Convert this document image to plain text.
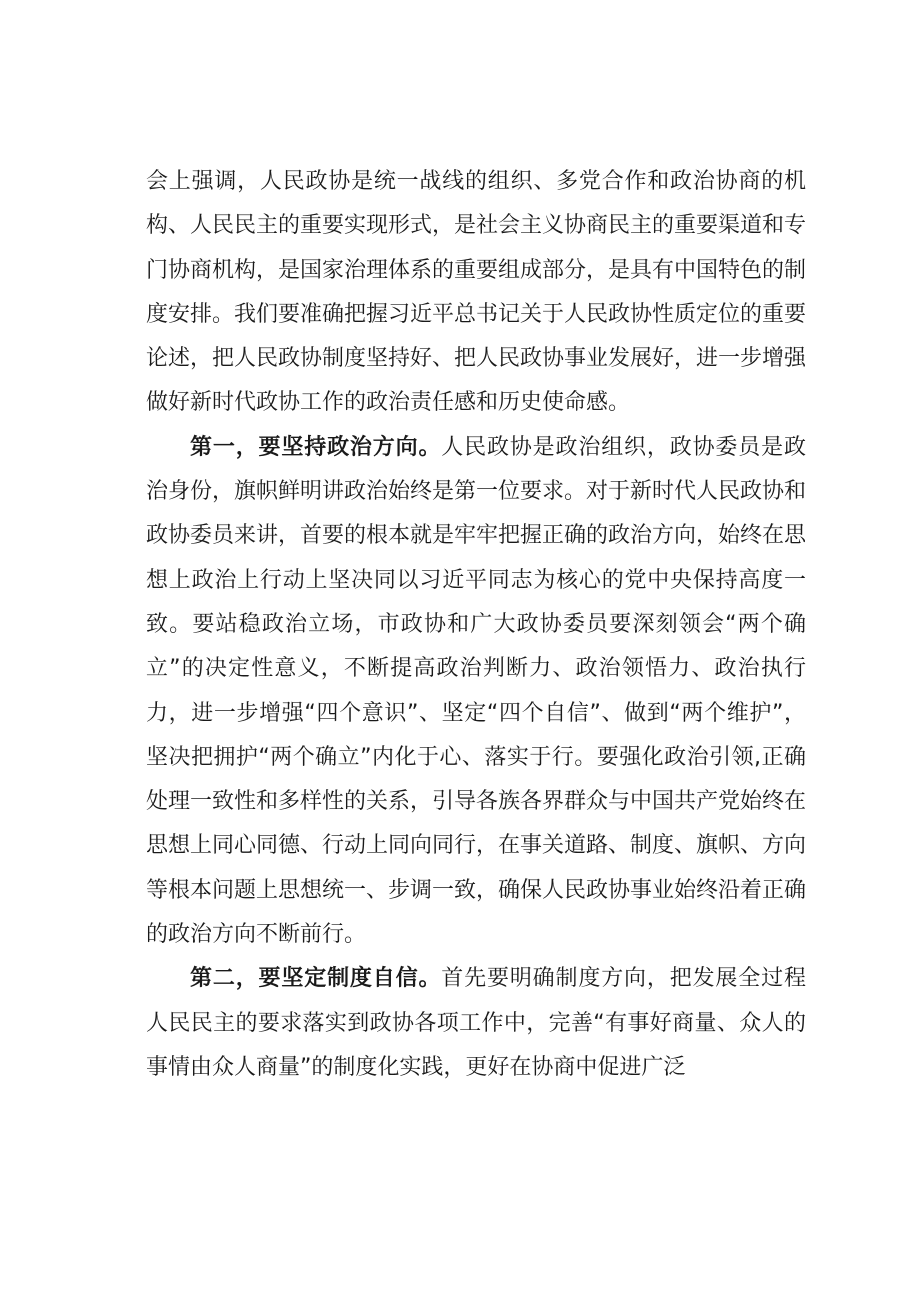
会上强调，人民政协是统一战线的组织、多党合作和政治协商的机构、人民民主的重要实现形式，是社会主义协商民主的重要渠道和专门协商机构，是国家治理体系的重要组成部分，是具有中国特色的制度安排。我们要准确把握习近平总书记关于人民政协性质定位的重要论述，把人民政协制度坚持好、把人民政协事业发展好，进一步增强做好新时代政协工作的政治责任感和历史使命感。

第一，要坚持政治方向。人民政协是政治组织，政协委员是政治身份，旗帜鲜明讲政治始终是第一位要求。对于新时代人民政协和政协委员来讲，首要的根本就是牢牢把握正确的政治方向，始终在思想上政治上行动上坚决同以习近平同志为核心的党中央保持高度一致。要站稳政治立场，市政协和广大政协委员要深刻领会“两个确立”的决定性意义，不断提高政治判断力、政治领悟力、政治执行力，进一步增强“四个意识”、坚定“四个自信”、做到“两个维护”，坚决把拥护“两个确立”内化于心、落实于行。要强化政治引领,正确处理一致性和多样性的关系，引导各族各界群众与中国共产党始终在思想上同心同德、行动上同向同行，在事关道路、制度、旗帜、方向等根本问题上思想统一、步调一致，确保人民政协事业始终沿着正确的政治方向不断前行。

第二，要坚定制度自信。首先要明确制度方向，把发展全过程人民民主的要求落实到政协各项工作中，完善“有事好商量、众人的事情由众人商量”的制度化实践，更好在协商中促进广泛
